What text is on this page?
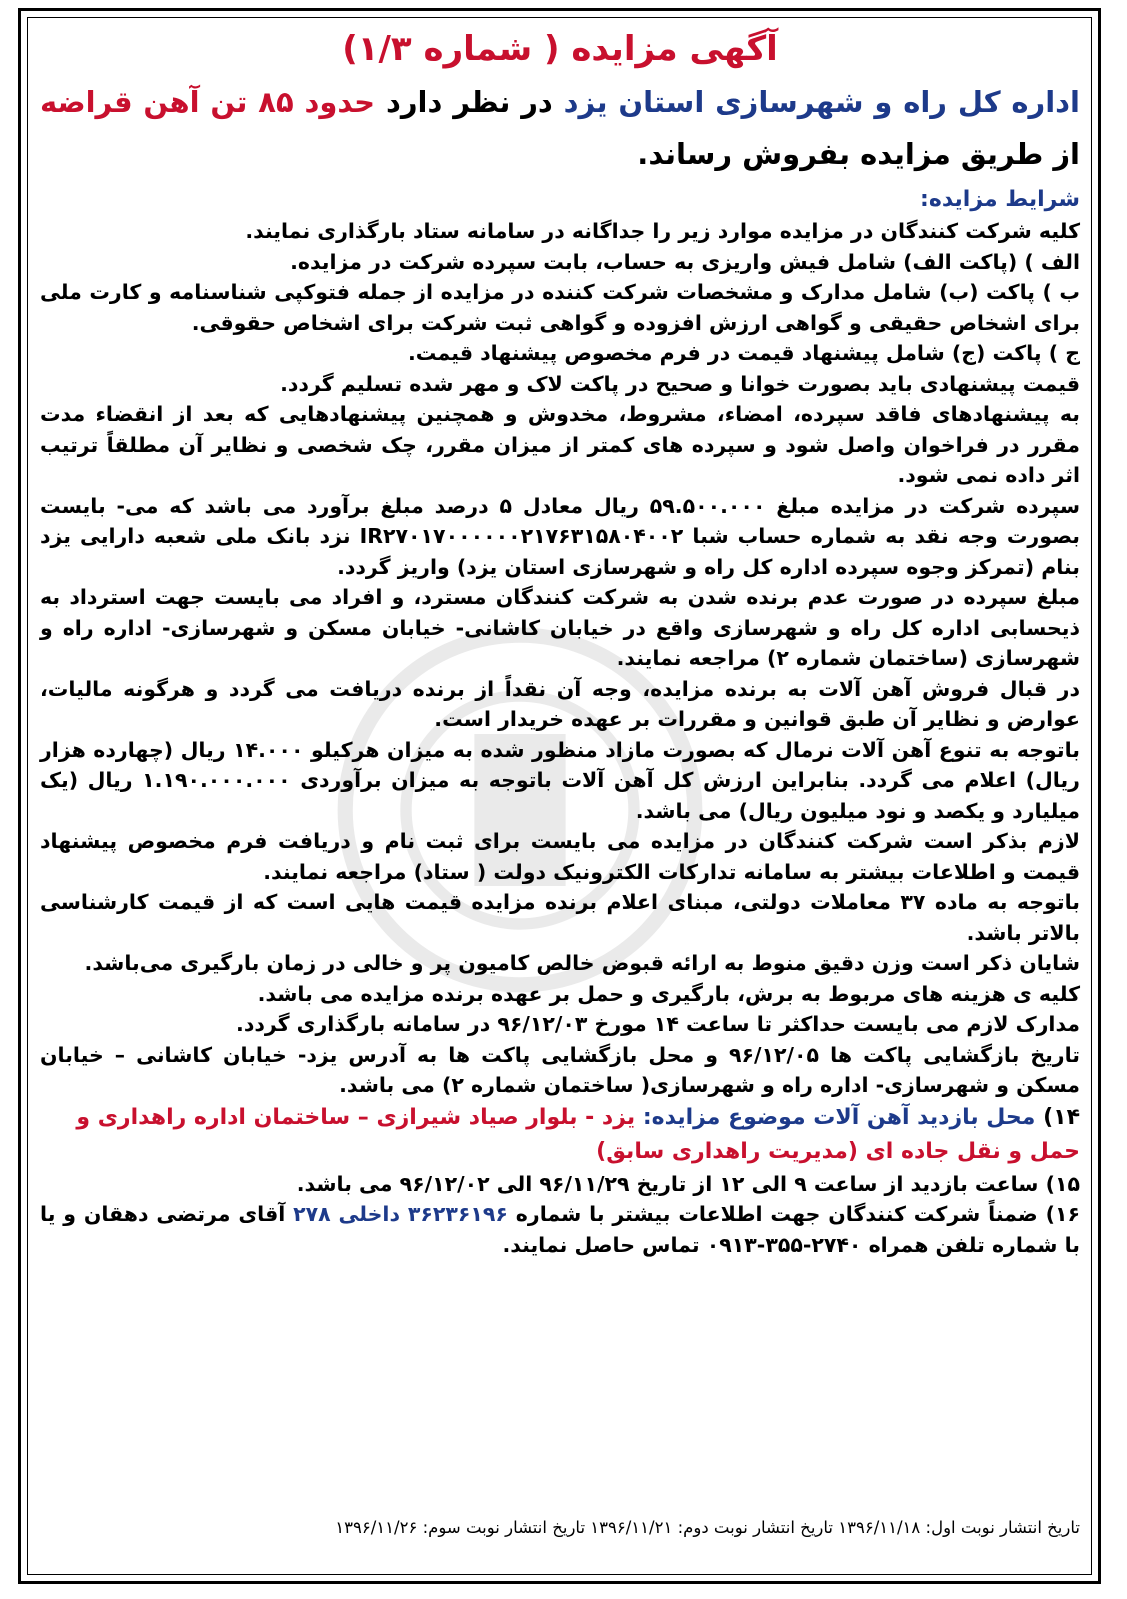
آگهی مزایده ( شماره ۱/۳)
اداره کل راه و شهرسازی استان یزد در نظر دارد حدود ۸۵ تن آهن قراضه از طریق مزایده بفروش رساند.
شرایط مزایده:
کلیه شرکت کنندگان در مزایده موارد زیر را جداگانه در سامانه ستاد بارگذاری نمایند.
الف ) (پاکت الف) شامل فیش واریزی به حساب، بابت سپرده شرکت در مزایده.
ب ) پاکت (ب) شامل مدارک و مشخصات شرکت کننده در مزایده از جمله فتوکپی شناسنامه و کارت ملی برای اشخاص حقیقی و گواهی ارزش افزوده و گواهی ثبت شرکت برای اشخاص حقوقی.
ج ) پاکت (ج) شامل پیشنهاد قیمت در فرم مخصوص پیشنهاد قیمت.
قیمت پیشنهادی باید بصورت خوانا و صحیح در پاکت لاک و مهر شده تسلیم گردد.
به پیشنهادهای فاقد سپرده، امضاء، مشروط، مخدوش و همچنین پیشنهادهایی که بعد از انقضاء مدت مقرر در فراخوان واصل شود و سپرده های کمتر از میزان مقرر، چک شخصی و نظایر آن مطلقاً ترتیب اثر داده نمی شود.
سپرده شرکت در مزایده مبلغ ۵۹.۵۰۰.۰۰۰ ریال معادل ۵ درصد مبلغ برآورد می باشد که می- بایست بصورت وجه نقد به شماره حساب شبا IR۲۷۰۱۷۰۰۰۰۰۰۲۱۷۶۳۱۵۸۰۴۰۰۲ نزد بانک ملی شعبه دارایی یزد بنام (تمرکز وجوه سپرده اداره کل راه و شهرسازی استان یزد) واریز گردد.
مبلغ سپرده در صورت عدم برنده شدن به شرکت کنندگان مسترد، و افراد می بایست جهت استرداد به ذیحسابی اداره کل راه و شهرسازی واقع در خیابان کاشانی- خیابان مسکن و شهرسازی- اداره راه و شهرسازی (ساختمان شماره ۲) مراجعه نمایند.
در قبال فروش آهن آلات به برنده مزایده، وجه آن نقداً از برنده دریافت می گردد و هرگونه مالیات، عوارض و نظایر آن طبق قوانین و مقررات بر عهده خریدار است.
باتوجه به تنوع آهن آلات نرمال که بصورت مازاد منظور شده به میزان هرکیلو ۱۴.۰۰۰ ریال (چهارده هزار ریال) اعلام می گردد. بنابراین ارزش کل آهن آلات باتوجه به میزان برآوردی ۱.۱۹۰.۰۰۰.۰۰۰ ریال (یک میلیارد و یکصد و نود میلیون ریال) می باشد.
لازم بذکر است شرکت کنندگان در مزایده می بایست برای ثبت نام و دریافت فرم مخصوص پیشنهاد قیمت و اطلاعات بیشتر به سامانه تدارکات الکترونیک دولت ( ستاد) مراجعه نمایند.
باتوجه به ماده ۳۷ معاملات دولتی، مبنای اعلام برنده مزایده قیمت هایی است که از قیمت کارشناسی بالاتر باشد.
شایان ذکر است وزن دقیق منوط به ارائه قبوض خالص کامیون پر و خالی در زمان بارگیری می‌باشد.
کلیه ی هزینه های مربوط به برش، بارگیری و حمل بر عهده برنده مزایده می باشد.
مدارک لازم می بایست حداکثر تا ساعت ۱۴ مورخ ۹۶/۱۲/۰۳ در سامانه بارگذاری گردد.
تاریخ بازگشایی پاکت ها ۹۶/۱۲/۰۵ و محل بازگشایی پاکت ها به آدرس یزد- خیابان کاشانی – خیابان مسکن و شهرسازی- اداره راه و شهرسازی( ساختمان شماره ۲) می باشد.
۱۴) محل بازدید آهن آلات موضوع مزایده: یزد - بلوار صیاد شیرازی – ساختمان اداره راهداری و حمل و نقل جاده ای (مدیریت راهداری سابق)
۱۵) ساعت بازدید از ساعت ۹ الی ۱۲ از تاریخ ۹۶/۱۱/۲۹ الی ۹۶/۱۲/۰۲ می باشد.
۱۶) ضمناً شرکت کنندگان جهت اطلاعات بیشتر با شماره ۳۶۲۳۶۱۹۶ داخلی ۲۷۸ آقای مرتضی دهقان و یا با شماره تلفن همراه ۲۷۴۰-۳۵۵-۰۹۱۳ تماس حاصل نمایند.
تاریخ انتشار نوبت اول: ۱۳۹۶/۱۱/۱۸ تاریخ انتشار نوبت دوم: ۱۳۹۶/۱۱/۲۱ تاریخ انتشار نوبت سوم: ۱۳۹۶/۱۱/۲۶
